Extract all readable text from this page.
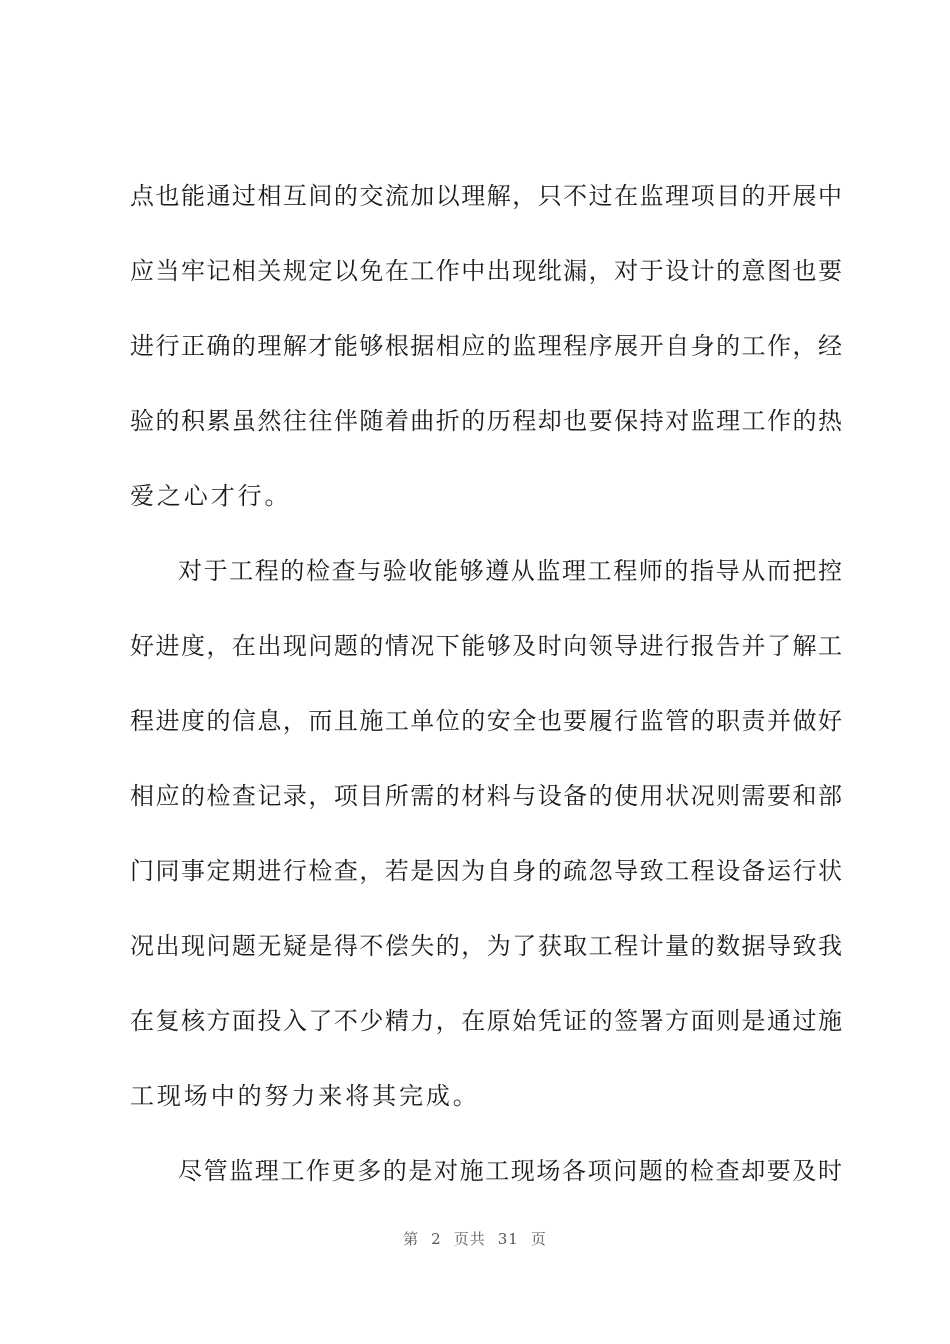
点也能通过相互间的交流加以理解，只不过在监理项目的开展中
应当牢记相关规定以免在工作中出现纰漏，对于设计的意图也要
进行正确的理解才能够根据相应的监理程序展开自身的工作，经
验的积累虽然往往伴随着曲折的历程却也要保持对监理工作的热
爱之心才行。
对于工程的检查与验收能够遵从监理工程师的指导从而把控
好进度，在出现问题的情况下能够及时向领导进行报告并了解工
程进度的信息，而且施工单位的安全也要履行监管的职责并做好
相应的检查记录，项目所需的材料与设备的使用状况则需要和部
门同事定期进行检查，若是因为自身的疏忽导致工程设备运行状
况出现问题无疑是得不偿失的，为了获取工程计量的数据导致我
在复核方面投入了不少精力，在原始凭证的签署方面则是通过施
工现场中的努力来将其完成。
尽管监理工作更多的是对施工现场各项问题的检查却要及时
第 2 页共 31 页
